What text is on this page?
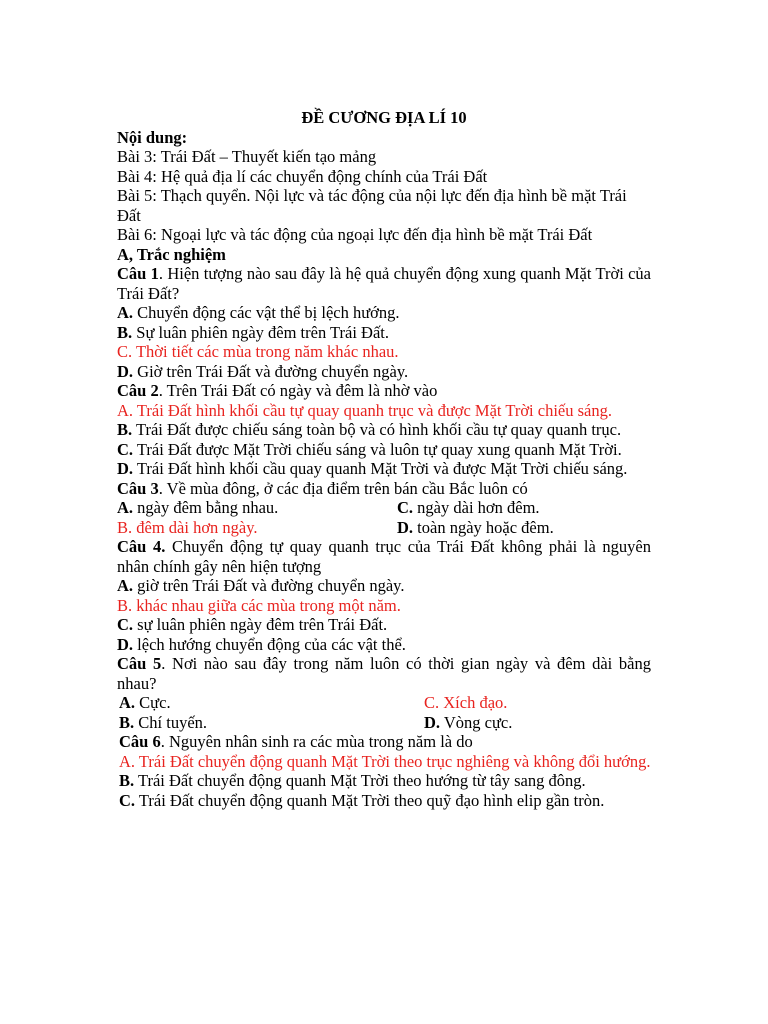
ĐỀ CƯƠNG ĐỊA LÍ 10
Nội dung:
Bài 3: Trái Đất – Thuyết kiến tạo mảng
Bài 4: Hệ quả địa lí các chuyển động chính của Trái Đất
Bài 5: Thạch quyển. Nội lực và tác động của nội lực đến địa hình bề mặt Trái Đất
Bài 6: Ngoại lực và tác động của ngoại lực đến địa hình bề mặt Trái Đất
A, Trắc nghiệm
Câu 1. Hiện tượng nào sau đây là hệ quả chuyển động xung quanh Mặt Trời của Trái Đất?
A. Chuyển động các vật thể bị lệch hướng.
B. Sự luân phiên ngày đêm trên Trái Đất.
C. Thời tiết các mùa trong năm khác nhau.
D. Giờ trên Trái Đất và đường chuyển ngày.
Câu 2. Trên Trái Đất có ngày và đêm là nhờ vào
A. Trái Đất hình khối cầu tự quay quanh trục và được Mặt Trời chiếu sáng.
B. Trái Đất được chiếu sáng toàn bộ và có hình khối cầu tự quay quanh trục.
C. Trái Đất được Mặt Trời chiếu sáng và luôn tự quay xung quanh Mặt Trời.
D. Trái Đất hình khối cầu quay quanh Mặt Trời và được Mặt Trời chiếu sáng.
Câu 3. Về mùa đông, ở các địa điểm trên bán cầu Bắc luôn có
A. ngày đêm bằng nhau.	C. ngày dài hơn đêm.
B. đêm dài hơn ngày.	D. toàn ngày hoặc đêm.
Câu 4. Chuyển động tự quay quanh trục của Trái Đất không phải là nguyên nhân chính gây nên hiện tượng
A. giờ trên Trái Đất và đường chuyển ngày.
B. khác nhau giữa các mùa trong một năm.
C. sự luân phiên ngày đêm trên Trái Đất.
D. lệch hướng chuyển động của các vật thể.
Câu 5. Nơi nào sau đây trong năm luôn có thời gian ngày và đêm dài bằng nhau?
A. Cực.	C. Xích đạo.
B. Chí tuyến.	D. Vòng cực.
Câu 6. Nguyên nhân sinh ra các mùa trong năm là do
A. Trái Đất chuyển động quanh Mặt Trời theo trục nghiêng và không đổi hướng.
B. Trái Đất chuyển động quanh Mặt Trời theo hướng từ tây sang đông.
C. Trái Đất chuyển động quanh Mặt Trời theo quỹ đạo hình elip gần tròn.
